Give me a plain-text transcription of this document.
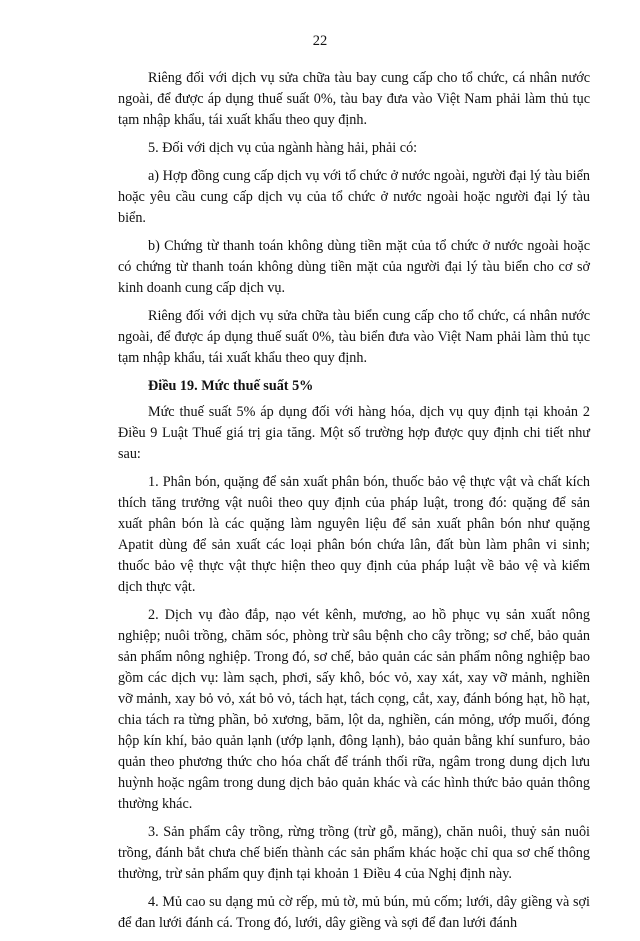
22

Riêng đối với dịch vụ sửa chữa tàu bay cung cấp cho tổ chức, cá nhân nước ngoài, để được áp dụng thuế suất 0%, tàu bay đưa vào Việt Nam phải làm thủ tục tạm nhập khẩu, tái xuất khẩu theo quy định.

5. Đối với dịch vụ của ngành hàng hải, phải có:

a) Hợp đồng cung cấp dịch vụ với tổ chức ở nước ngoài, người đại lý tàu biển hoặc yêu cầu cung cấp dịch vụ của tổ chức ở nước ngoài hoặc người đại lý tàu biển.

b) Chứng từ thanh toán không dùng tiền mặt của tổ chức ở nước ngoài hoặc có chứng từ thanh toán không dùng tiền mặt của người đại lý tàu biển cho cơ sở kinh doanh cung cấp dịch vụ.

Riêng đối với dịch vụ sửa chữa tàu biển cung cấp cho tổ chức, cá nhân nước ngoài, để được áp dụng thuế suất 0%, tàu biển đưa vào Việt Nam phải làm thủ tục tạm nhập khẩu, tái xuất khẩu theo quy định.

Điều 19. Mức thuế suất 5%

Mức thuế suất 5% áp dụng đối với hàng hóa, dịch vụ quy định tại khoản 2 Điều 9 Luật Thuế giá trị gia tăng. Một số trường hợp được quy định chi tiết như sau:

1. Phân bón, quặng để sản xuất phân bón, thuốc bảo vệ thực vật và chất kích thích tăng trưởng vật nuôi theo quy định của pháp luật, trong đó: quặng để sản xuất phân bón là các quặng làm nguyên liệu để sản xuất phân bón như quặng Apatit dùng để sản xuất các loại phân bón chứa lân, đất bùn làm phân vi sinh; thuốc bảo vệ thực vật thực hiện theo quy định của pháp luật về bảo vệ và kiểm dịch thực vật.

2. Dịch vụ đào đắp, nạo vét kênh, mương, ao hồ phục vụ sản xuất nông nghiệp; nuôi trồng, chăm sóc, phòng trừ sâu bệnh cho cây trồng; sơ chế, bảo quản sản phẩm nông nghiệp. Trong đó, sơ chế, bảo quản các sản phẩm nông nghiệp bao gồm các dịch vụ: làm sạch, phơi, sấy khô, bóc vỏ, xay xát, xay vỡ mảnh, nghiền vỡ mảnh, xay bỏ vỏ, xát bỏ vỏ, tách hạt, tách cọng, cắt, xay, đánh bóng hạt, hồ hạt, chia tách ra từng phần, bỏ xương, băm, lột da, nghiền, cán mỏng, ướp muối, đóng hộp kín khí, bảo quản lạnh (ướp lạnh, đông lạnh), bảo quản bằng khí sunfuro, bảo quản theo phương thức cho hóa chất để tránh thối rữa, ngâm trong dung dịch lưu huỳnh hoặc ngâm trong dung dịch bảo quản khác và các hình thức bảo quản thông thường khác.

3. Sản phẩm cây trồng, rừng trồng (trừ gỗ, măng), chăn nuôi, thuỷ sản nuôi trồng, đánh bắt chưa chế biến thành các sản phẩm khác hoặc chỉ qua sơ chế thông thường, trừ sản phẩm quy định tại khoản 1 Điều 4 của Nghị định này.

4. Mủ cao su dạng mủ cờ rếp, mủ tờ, mủ bún, mủ cốm; lưới, dây giềng và sợi để đan lưới đánh cá. Trong đó, lưới, dây giềng và sợi để đan lưới đánh
